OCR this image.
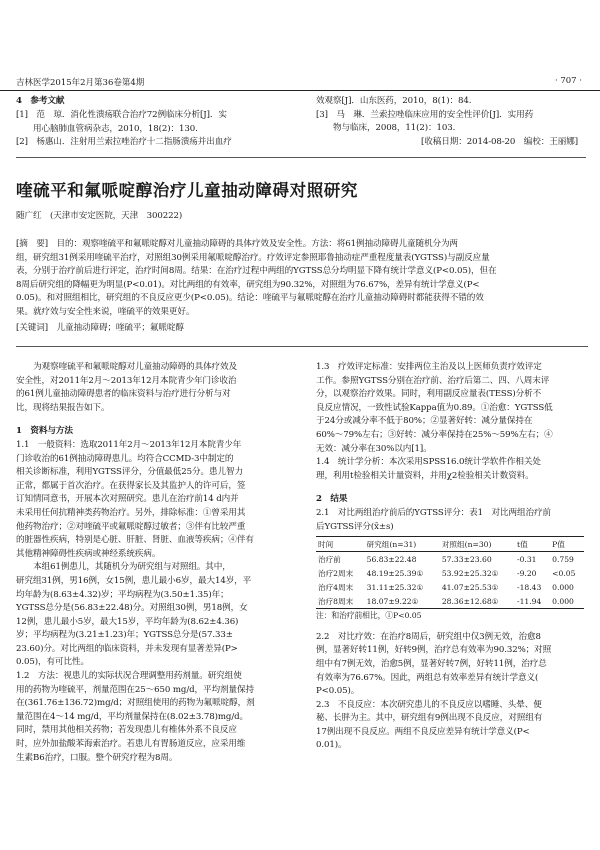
吉林医学2015年2月第36卷第4期	· 707 ·
4　参考文献
[1]　范　琼．消化性溃疡联合治疗72例临床分析[J]．实
　　用心脑肺血管病杂志，2010，18(2)：130.
[2]　杨惠山．注射用兰索拉唑治疗十二指肠溃疡并出血疗
效观察[J]．山东医药，2010，8(1)：84.
[3]　马　琳．兰索拉唑临床应用的安全性评价[J]．实用药
　　物与临床，2008，11(2)：103.
[收稿日期：2014-08-20　编校：王丽娜]
喹硫平和氟哌啶醇治疗儿童抽动障碍对照研究
随广红　(天津市安定医院，天津　300222)
[摘　要]　目的：观察喹硫平和氟哌啶醇对儿童抽动障碍的具体疗效及安全性。方法：将61例抽动障碍儿童随机分为两
组，研究组31例采用喹硫平治疗，对照组30例采用氟哌啶醇治疗。疗效评定参照耶鲁抽动症严重程度量表(YGTSS)与副反应量
表，分别于治疗前后进行评定，治疗时间8周。结果：在治疗过程中两组的YGTSS总分均明显下降有统计学意义(P<0.05)，但在
8周后研究组的降幅更为明显(P<0.01)。对比两组的有效率，研究组为90.32%，对照组为76.67%，差异有统计学意义(P<
0.05)。和对照组相比，研究组的不良反应更少(P<0.05)。结论：喹硫平与氟哌啶醇在治疗儿童抽动障碍时都能获得不错的效
果。就疗效与安全性来说，喹硫平的效果更好。
[关键词]　儿童抽动障碍；喹硫平；氟哌啶醇
为观察喹硫平和氟哌啶醇对儿童抽动障碍的具体疗效及
安全性，对2011年2月～2013年12月本院青少年门诊收治
的61例儿童抽动障碍患者的临床资料与治疗进行分析与对
比，现将结果报告如下。
1　资料与方法
1.1　一般资料：选取2011年2月～2013年12月本院青少年
门诊收治的61例抽动障碍患儿。均符合CCMD-3中制定的
相关诊断标准，利用YGTSS评分，分值最低25分。患儿智力
正常，都属于首次治疗。在获得家长及其监护人的许可后，签
订知情同意书，开展本次对照研究。患儿在治疗前14 d内并
未采用任何抗精神类药物治疗。另外，排除标准：①曾采用其
他药物治疗；②对喹硫平或氟哌啶醇过敏者；③伴有比较严重
的脏器性疾病，特别是心脏、肝脏、肾脏、血液等疾病；④伴有
其他精神障碍性疾病或神经系统疾病。
本组61例患儿，其随机分为研究组与对照组。其中，
研究组31例，男16例，女15例，患儿最小6岁，最大14岁，平
均年龄为(8.63±4.32)岁；平均病程为(3.50±1.35)年；
YGTSS总分是(56.83±22.48)分。对照组30例，男18例，女
12例，患儿最小5岁，最大15岁，平均年龄为(8.62±4.36)
岁；平均病程为(3.21±1.23)年；YGTSS总分是(57.33±
23.60)分。对比两组的临床资料，并未发现有显著差异(P>
0.05)，有可比性。
1.2　方法：视患儿的实际状况合理调整用药剂量。研究组使
用的药物为喹硫平，剂量范围在25～650 mg/d，平均剂量保持
在(361.76±136.72)mg/d；对照组使用的药物为氟哌啶醇，剂
量范围在4～14 mg/d，平均剂量保持在(8.02±3.78)mg/d。
同时，禁用其他相关药物；若发现患儿有椎体外系不良反应
时，应外加盐酸苯海索治疗。若患儿有胃肠道反应，应采用维
生素B6治疗，口服。整个研究疗程为8周。
1.3　疗效评定标准：安排两位主治及以上医师负责疗效评定
工作。参照YGTSS分别在治疗前、治疗后第二、四、八周末评
分，以观察治疗效果。同时，利用副反应量表(TESS)分析不
良反应情况，一致性试验Kappa值为0.89。①治愈：YGTSS低
于24分或减分率不低于80%；②显著好转：减分量保持在
60%～79%左右；③好转：减分率保持在25%～59%左右；④
无效：减分率在30%以内[1]。
1.4　统计学分析：本次采用SPSS16.0统计学软件作相关处
理，利用t检验相关计量资料，并用χ2检验相关计数资料。
2　结果
2.1　对比两组治疗前后的YGTSS评分：表1　对比两组治疗前
后YGTSS评分(x̄±s)
时间	研究组(n=31)	对照组(n=30)	t值	P值
治疗前	56.83±22.48	57.33±23.60	-0.31	0.759
治疗2周末	48.19±25.39①	53.92±25.32①	-9.20	<0.05
治疗4周末	31.11±25.32①	41.07±25.53①	-18.43	0.000
治疗8周末	18.07±9.22①	28.36±12.68①	-11.94	0.000
注：和治疗前相比，①P<0.05
2.2　对比疗效：在治疗8周后，研究组中仅3例无效，治愈8
例，显著好转11例，好转9例，治疗总有效率为90.32%；对照
组中有7例无效，治愈5例，显著好转7例，好转11例，治疗总
有效率为76.67%。因此，两组总有效率差异有统计学意义(
P<0.05)。
2.3　不良反应：本次研究患儿的不良反应以嗜睡、头晕、便
秘、长胖为主。其中，研究组有9例出现不良反应，对照组有
17例出现不良反应。两组不良反应差异有统计学意义(P<
0.01)。
